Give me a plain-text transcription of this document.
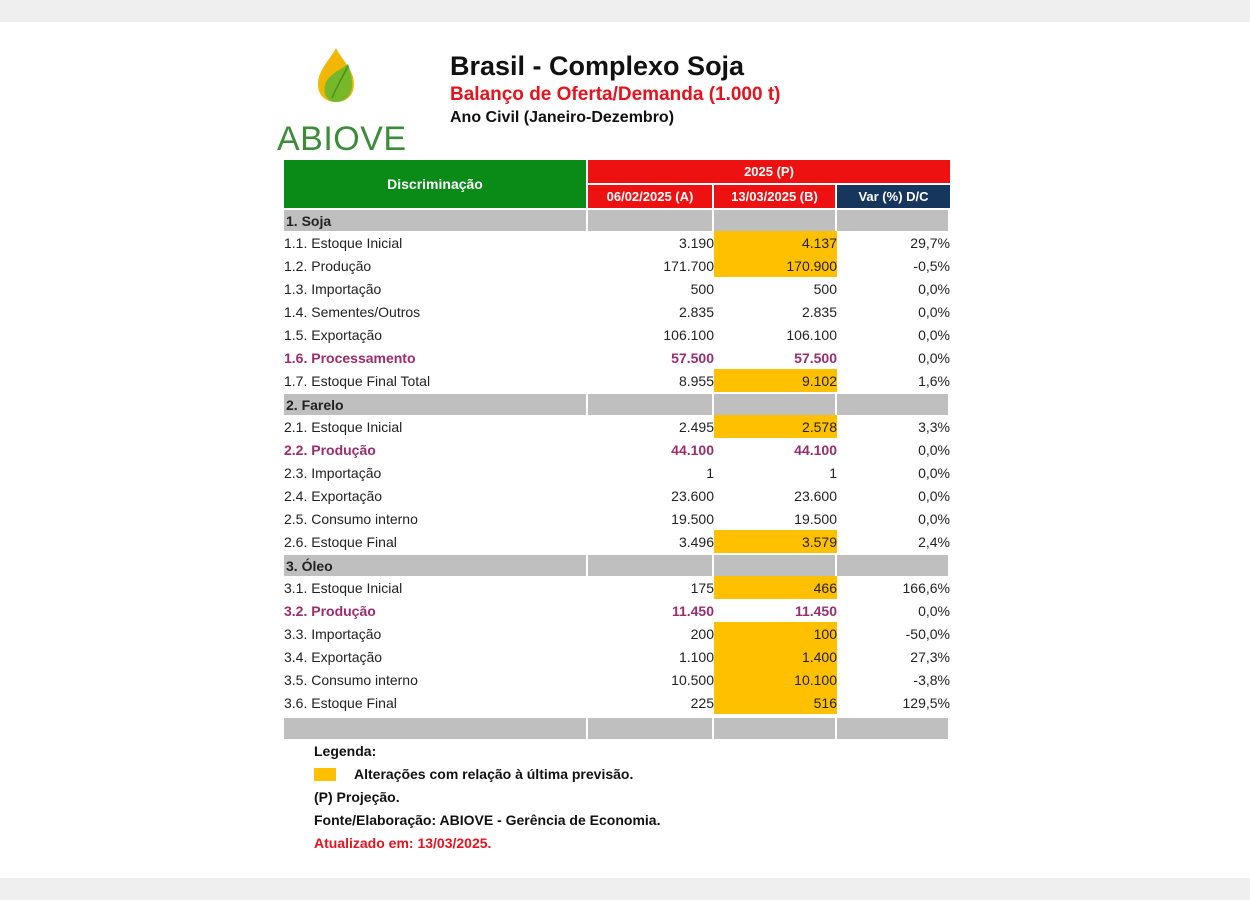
ABIOVE
Brasil - Complexo Soja
Balanço de Oferta/Demanda (1.000 t)
Ano Civil (Janeiro-Dezembro)
Discriminação	2025 (P)		
	06/02/2025 (A)	13/03/2025 (B)	Var (%) D/C
1. Soja			
1.1. Estoque Inicial	3.190	4.137	29,7%
1.2. Produção	171.700	170.900	-0,5%
1.3. Importação	500	500	0,0%
1.4. Sementes/Outros	2.835	2.835	0,0%
1.5. Exportação	106.100	106.100	0,0%
1.6. Processamento	57.500	57.500	0,0%
1.7. Estoque Final Total	8.955	9.102	1,6%
2. Farelo			
2.1. Estoque Inicial	2.495	2.578	3,3%
2.2. Produção	44.100	44.100	0,0%
2.3. Importação	1	1	0,0%
2.4. Exportação	23.600	23.600	0,0%
2.5. Consumo interno	19.500	19.500	0,0%
2.6. Estoque Final	3.496	3.579	2,4%
3. Óleo			
3.1. Estoque Inicial	175	466	166,6%
3.2. Produção	11.450	11.450	0,0%
3.3. Importação	200	100	-50,0%
3.4. Exportação	1.100	1.400	27,3%
3.5. Consumo interno	10.500	10.100	-3,8%
3.6. Estoque Final	225	516	129,5%

Legenda:
Alterações com relação à última previsão.
(P) Projeção.
Fonte/Elaboração: ABIOVE - Gerência de Economia.
Atualizado em: 13/03/2025.
